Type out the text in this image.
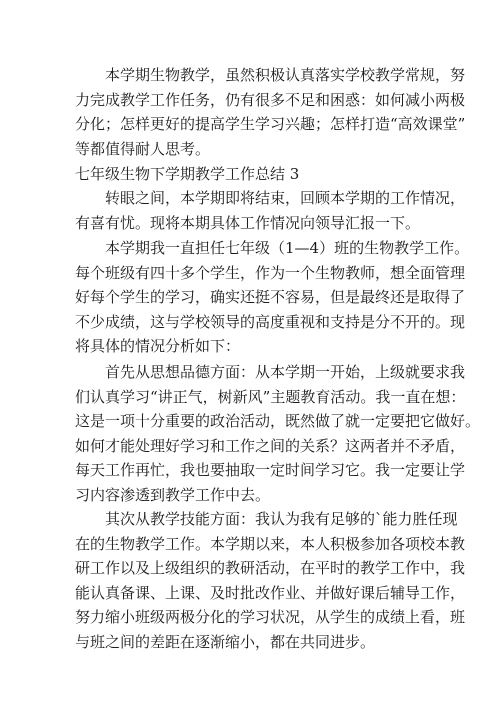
本学期生物教学，虽然积极认真落实学校教学常规，努
力完成教学工作任务，仍有很多不足和困惑：如何减小两极
分化；怎样更好的提高学生学习兴趣；怎样打造“高效课堂”
等都值得耐人思考。
七年级生物下学期教学工作总结 3
转眼之间，本学期即将结束，回顾本学期的工作情况，
有喜有忧。现将本期具体工作情况向领导汇报一下。
本学期我一直担任七年级（1—4）班的生物教学工作。
每个班级有四十多个学生，作为一个生物教师，想全面管理
好每个学生的学习，确实还挺不容易，但是最终还是取得了
不少成绩，这与学校领导的高度重视和支持是分不开的。现
将具体的情况分析如下：
首先从思想品德方面：从本学期一开始，上级就要求我
们认真学习“讲正气，树新风”主题教育活动。我一直在想：
这是一项十分重要的政治活动，既然做了就一定要把它做好。
如何才能处理好学习和工作之间的关系？这两者并不矛盾，
每天工作再忙，我也要抽取一定时间学习它。我一定要让学
习内容渗透到教学工作中去。
其次从教学技能方面：我认为我有足够的`能力胜任现
在的生物教学工作。本学期以来，本人积极参加各项校本教
研工作以及上级组织的教研活动，在平时的教学工作中，我
能认真备课、上课、及时批改作业、并做好课后辅导工作，
努力缩小班级两极分化的学习状况，从学生的成绩上看，班
与班之间的差距在逐渐缩小，都在共同进步。
